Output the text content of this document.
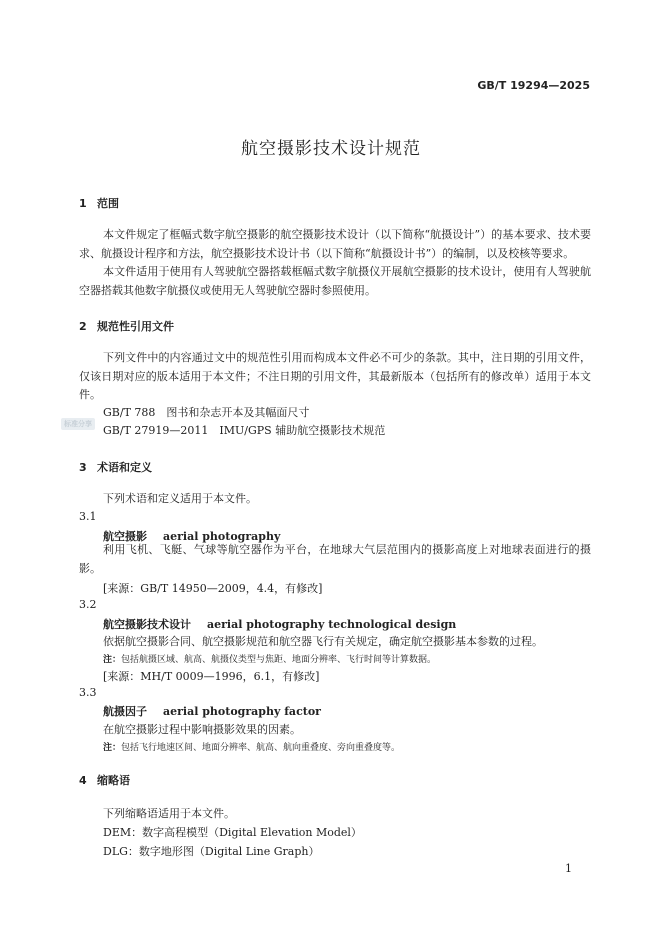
GB/T 19294—2025
航空摄影技术设计规范
1 范围
本文件规定了框幅式数字航空摄影的航空摄影技术设计（以下简称“航摄设计”）的基本要求、技术要求、航摄设计程序和方法，航空摄影技术设计书（以下简称“航摄设计书”）的编制，以及校核等要求。
本文件适用于使用有人驾驶航空器搭载框幅式数字航摄仪开展航空摄影的技术设计，使用有人驾驶航空器搭载其他数字航摄仪或使用无人驾驶航空器时参照使用。
2 规范性引用文件
下列文件中的内容通过文中的规范性引用而构成本文件必不可少的条款。其中，注日期的引用文件，仅该日期对应的版本适用于本文件；不注日期的引用文件，其最新版本（包括所有的修改单）适用于本文件。
GB/T 788　图书和杂志开本及其幅面尺寸
标准分享 GB/T 27919—2011　IMU/GPS 辅助航空摄影技术规范
3 术语和定义
下列术语和定义适用于本文件。
3.1
航空摄影 aerial photography
利用飞机、飞艇、气球等航空器作为平台，在地球大气层范围内的摄影高度上对地球表面进行的摄影。
[来源：GB/T 14950—2009，4.4，有修改]
3.2
航空摄影技术设计 aerial photography technological design
依据航空摄影合同、航空摄影规范和航空器飞行有关规定，确定航空摄影基本参数的过程。
注：包括航摄区域、航高、航摄仪类型与焦距、地面分辨率、飞行时间等计算数据。
[来源：MH/T 0009—1996，6.1，有修改]
3.3
航摄因子 aerial photography factor
在航空摄影过程中影响摄影效果的因素。
注：包括飞行地速区间、地面分辨率、航高、航向重叠度、旁向重叠度等。
4 缩略语
下列缩略语适用于本文件。
DEM：数字高程模型（Digital Elevation Model）
DLG：数字地形图（Digital Line Graph）
1
